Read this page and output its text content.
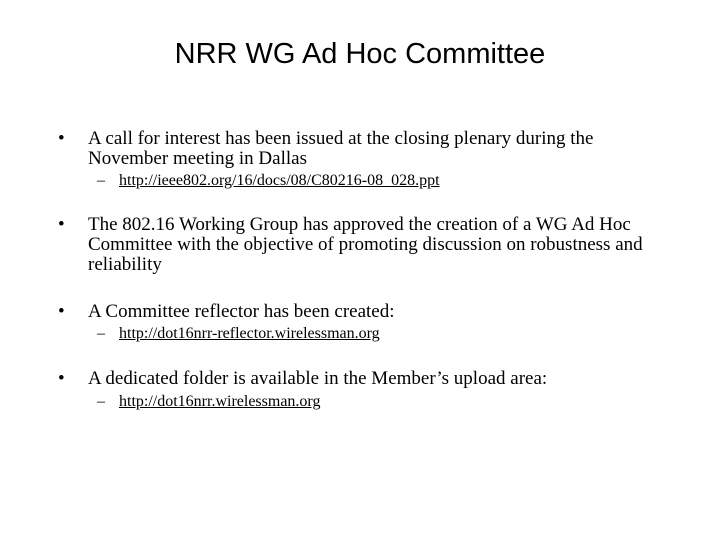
NRR WG Ad Hoc Committee
•	A call for interest has been issued at the closing plenary during the November meeting in Dallas
– http://ieee802.org/16/docs/08/C80216-08_028.ppt
•	The 802.16 Working Group has approved the creation of a WG Ad Hoc Committee with the objective of promoting discussion on robustness and reliability
•	A Committee reflector has been created:
– http://dot16nrr-reflector.wirelessman.org
•	A dedicated folder is available in the Member’s upload area:
– http://dot16nrr.wirelessman.org
